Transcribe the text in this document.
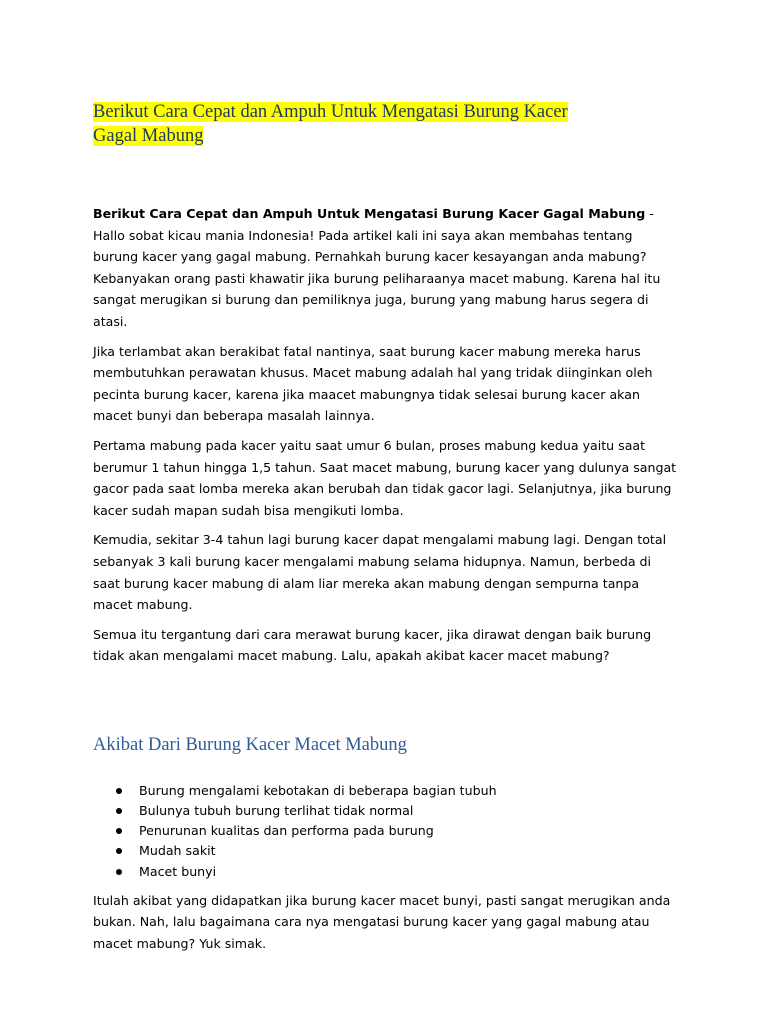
Berikut Cara Cepat dan Ampuh Untuk Mengatasi Burung Kacer
Gagal Mabung

Berikut Cara Cepat dan Ampuh Untuk Mengatasi Burung Kacer Gagal Mabung -Hallo sobat kicau mania Indonesia! Pada artikel kali ini saya akan membahas tentang burung kacer yang gagal mabung. Pernahkah burung kacer kesayangan anda mabung? Kebanyakan orang pasti khawatir jika burung peliharaanya macet mabung. Karena hal itu sangat merugikan si burung dan pemiliknya juga, burung yang mabung harus segera di atasi.

Jika terlambat akan berakibat fatal nantinya, saat burung kacer mabung mereka harus membutuhkan perawatan khusus. Macet mabung adalah hal yang tridak diinginkan oleh pecinta burung kacer, karena jika maacet mabungnya tidak selesai burung kacer akan macet bunyi dan beberapa masalah lainnya.

Pertama mabung pada kacer yaitu saat umur 6 bulan, proses mabung kedua yaitu saat berumur 1 tahun hingga 1,5 tahun. Saat macet mabung, burung kacer yang dulunya sangat gacor pada saat lomba mereka akan berubah dan tidak gacor lagi. Selanjutnya, jika burung kacer sudah mapan sudah bisa mengikuti lomba.

Kemudia, sekitar 3-4 tahun lagi burung kacer dapat mengalami mabung lagi. Dengan total sebanyak 3 kali burung kacer mengalami mabung selama hidupnya. Namun, berbeda di saat burung kacer mabung di alam liar mereka akan mabung dengan sempurna tanpa macet mabung.

Semua itu tergantung dari cara merawat burung kacer, jika dirawat dengan baik burung tidak akan mengalami macet mabung. Lalu, apakah akibat kacer macet mabung?

Akibat Dari Burung Kacer Macet Mabung
Burung mengalami kebotakan di beberapa bagian tubuh
Bulunya tubuh burung terlihat tidak normal
Penurunan kualitas dan performa pada burung
Mudah sakit
Macet bunyi

Itulah akibat yang didapatkan jika burung kacer macet bunyi, pasti sangat merugikan anda bukan. Nah, lalu bagaimana cara nya mengatasi burung kacer yang gagal mabung atau macet mabung? Yuk simak.
